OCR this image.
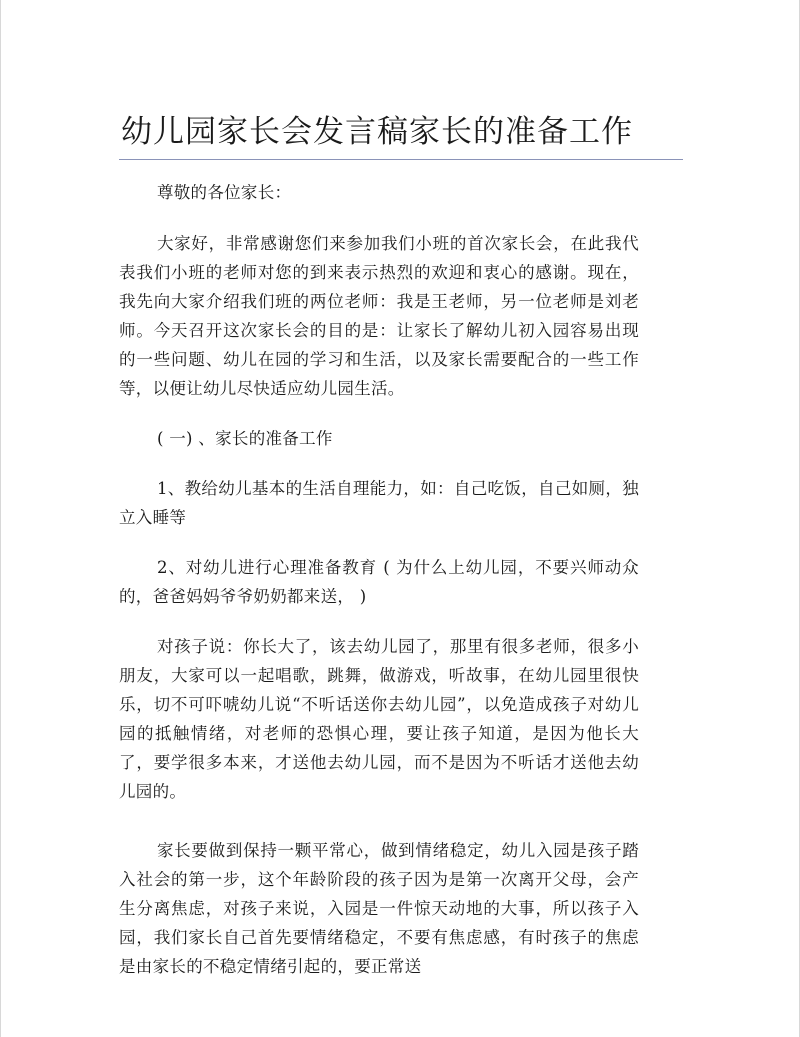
幼儿园家长会发言稿家长的准备工作

尊敬的各位家长：

大家好，非常感谢您们来参加我们小班的首次家长会，在此我代表我们小班的老师对您的到来表示热烈的欢迎和衷心的感谢。现在，我先向大家介绍我们班的两位老师：我是王老师，另一位老师是刘老师。今天召开这次家长会的目的是：让家长了解幼儿初入园容易出现的一些问题、幼儿在园的学习和生活，以及家长需要配合的一些工作等，以便让幼儿尽快适应幼儿园生活。

( 一) 、家长的准备工作

1、教给幼儿基本的生活自理能力，如：自己吃饭，自己如厕，独立入睡等

2、对幼儿进行心理准备教育 ( 为什么上幼儿园，不要兴师动众的，爸爸妈妈爷爷奶奶都来送， )

对孩子说：你长大了，该去幼儿园了，那里有很多老师，很多小朋友，大家可以一起唱歌，跳舞，做游戏，听故事，在幼儿园里很快乐，切不可吓唬幼儿说“不听话送你去幼儿园”，以免造成孩子对幼儿园的抵触情绪，对老师的恐惧心理，要让孩子知道，是因为他长大了，要学很多本来，才送他去幼儿园，而不是因为不听话才送他去幼儿园的。

家长要做到保持一颗平常心，做到情绪稳定，幼儿入园是孩子踏入社会的第一步，这个年龄阶段的孩子因为是第一次离开父母，会产生分离焦虑，对孩子来说，入园是一件惊天动地的大事，所以孩子入园，我们家长自己首先要情绪稳定，不要有焦虑感，有时孩子的焦虑是由家长的不稳定情绪引起的，要正常送
